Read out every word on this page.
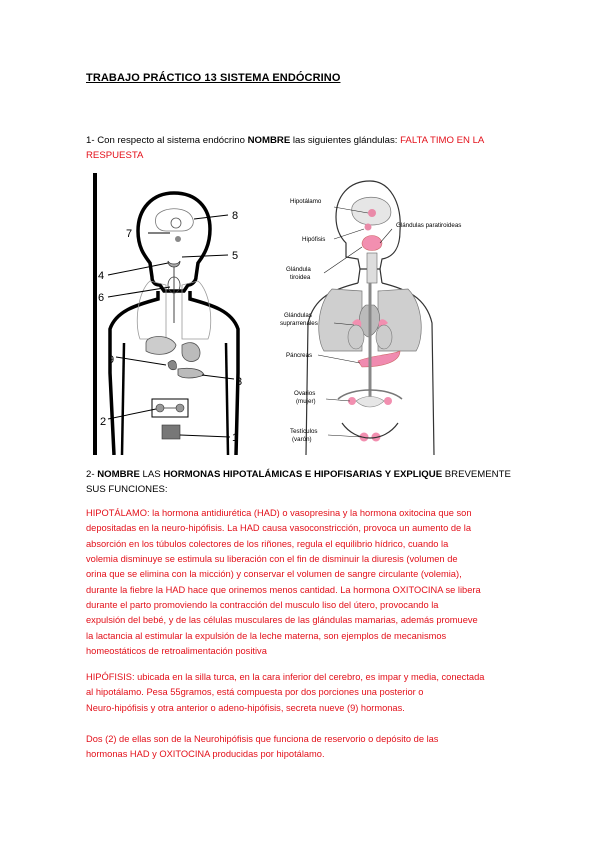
TRABAJO PRÁCTICO 13 SISTEMA ENDÓCRINO
1- Con respecto al sistema endócrino NOMBRE las siguientes glándulas: FALTA TIMO EN LA RESPUESTA
8
7
5
4
6
9
3
2
1
Hipotálamo
Hipófisis
Glándulas paratiroideas
Glándula
tiroidea
Glándulas
suprarrenales
Páncreas
Ovarios
(mujer)
Testículos
(varón)
2- NOMBRE LAS HORMONAS HIPOTALÁMICAS E HIPOFISARIAS Y EXPLIQUE BREVEMENTE SUS FUNCIONES:
HIPOTÁLAMO: la hormona antidiurética (HAD) o vasopresina y la hormona oxitocina que son
depositadas en la neuro-hipófisis. La HAD causa vasoconstricción, provoca un aumento de la
absorción en los túbulos colectores de los riñones, regula el equilibrio hídrico, cuando la
volemia disminuye se estimula su liberación con el fin de disminuir la diuresis (volumen de
orina que se elimina con la micción) y conservar el volumen de sangre circulante (volemia),
durante la fiebre la HAD hace que orinemos menos cantidad. La hormona OXITOCINA se libera
durante el parto promoviendo la contracción del musculo liso del útero, provocando la
expulsión del bebé, y de las células musculares de las glándulas mamarias, además promueve
la lactancia al estimular la expulsión de la leche materna, son ejemplos de mecanismos
homeostáticos de retroalimentación positiva
HIPÓFISIS: ubicada en la silla turca, en la cara inferior del cerebro, es impar y media, conectada
al hipotálamo. Pesa 55gramos, está compuesta por dos porciones una posterior o
Neuro-hipófisis y otra anterior o adeno-hipófisis, secreta nueve (9) hormonas.
Dos (2) de ellas son de la Neurohipófisis que funciona de reservorio o depósito de las
hormonas HAD y OXITOCINA producidas por hipotálamo.
